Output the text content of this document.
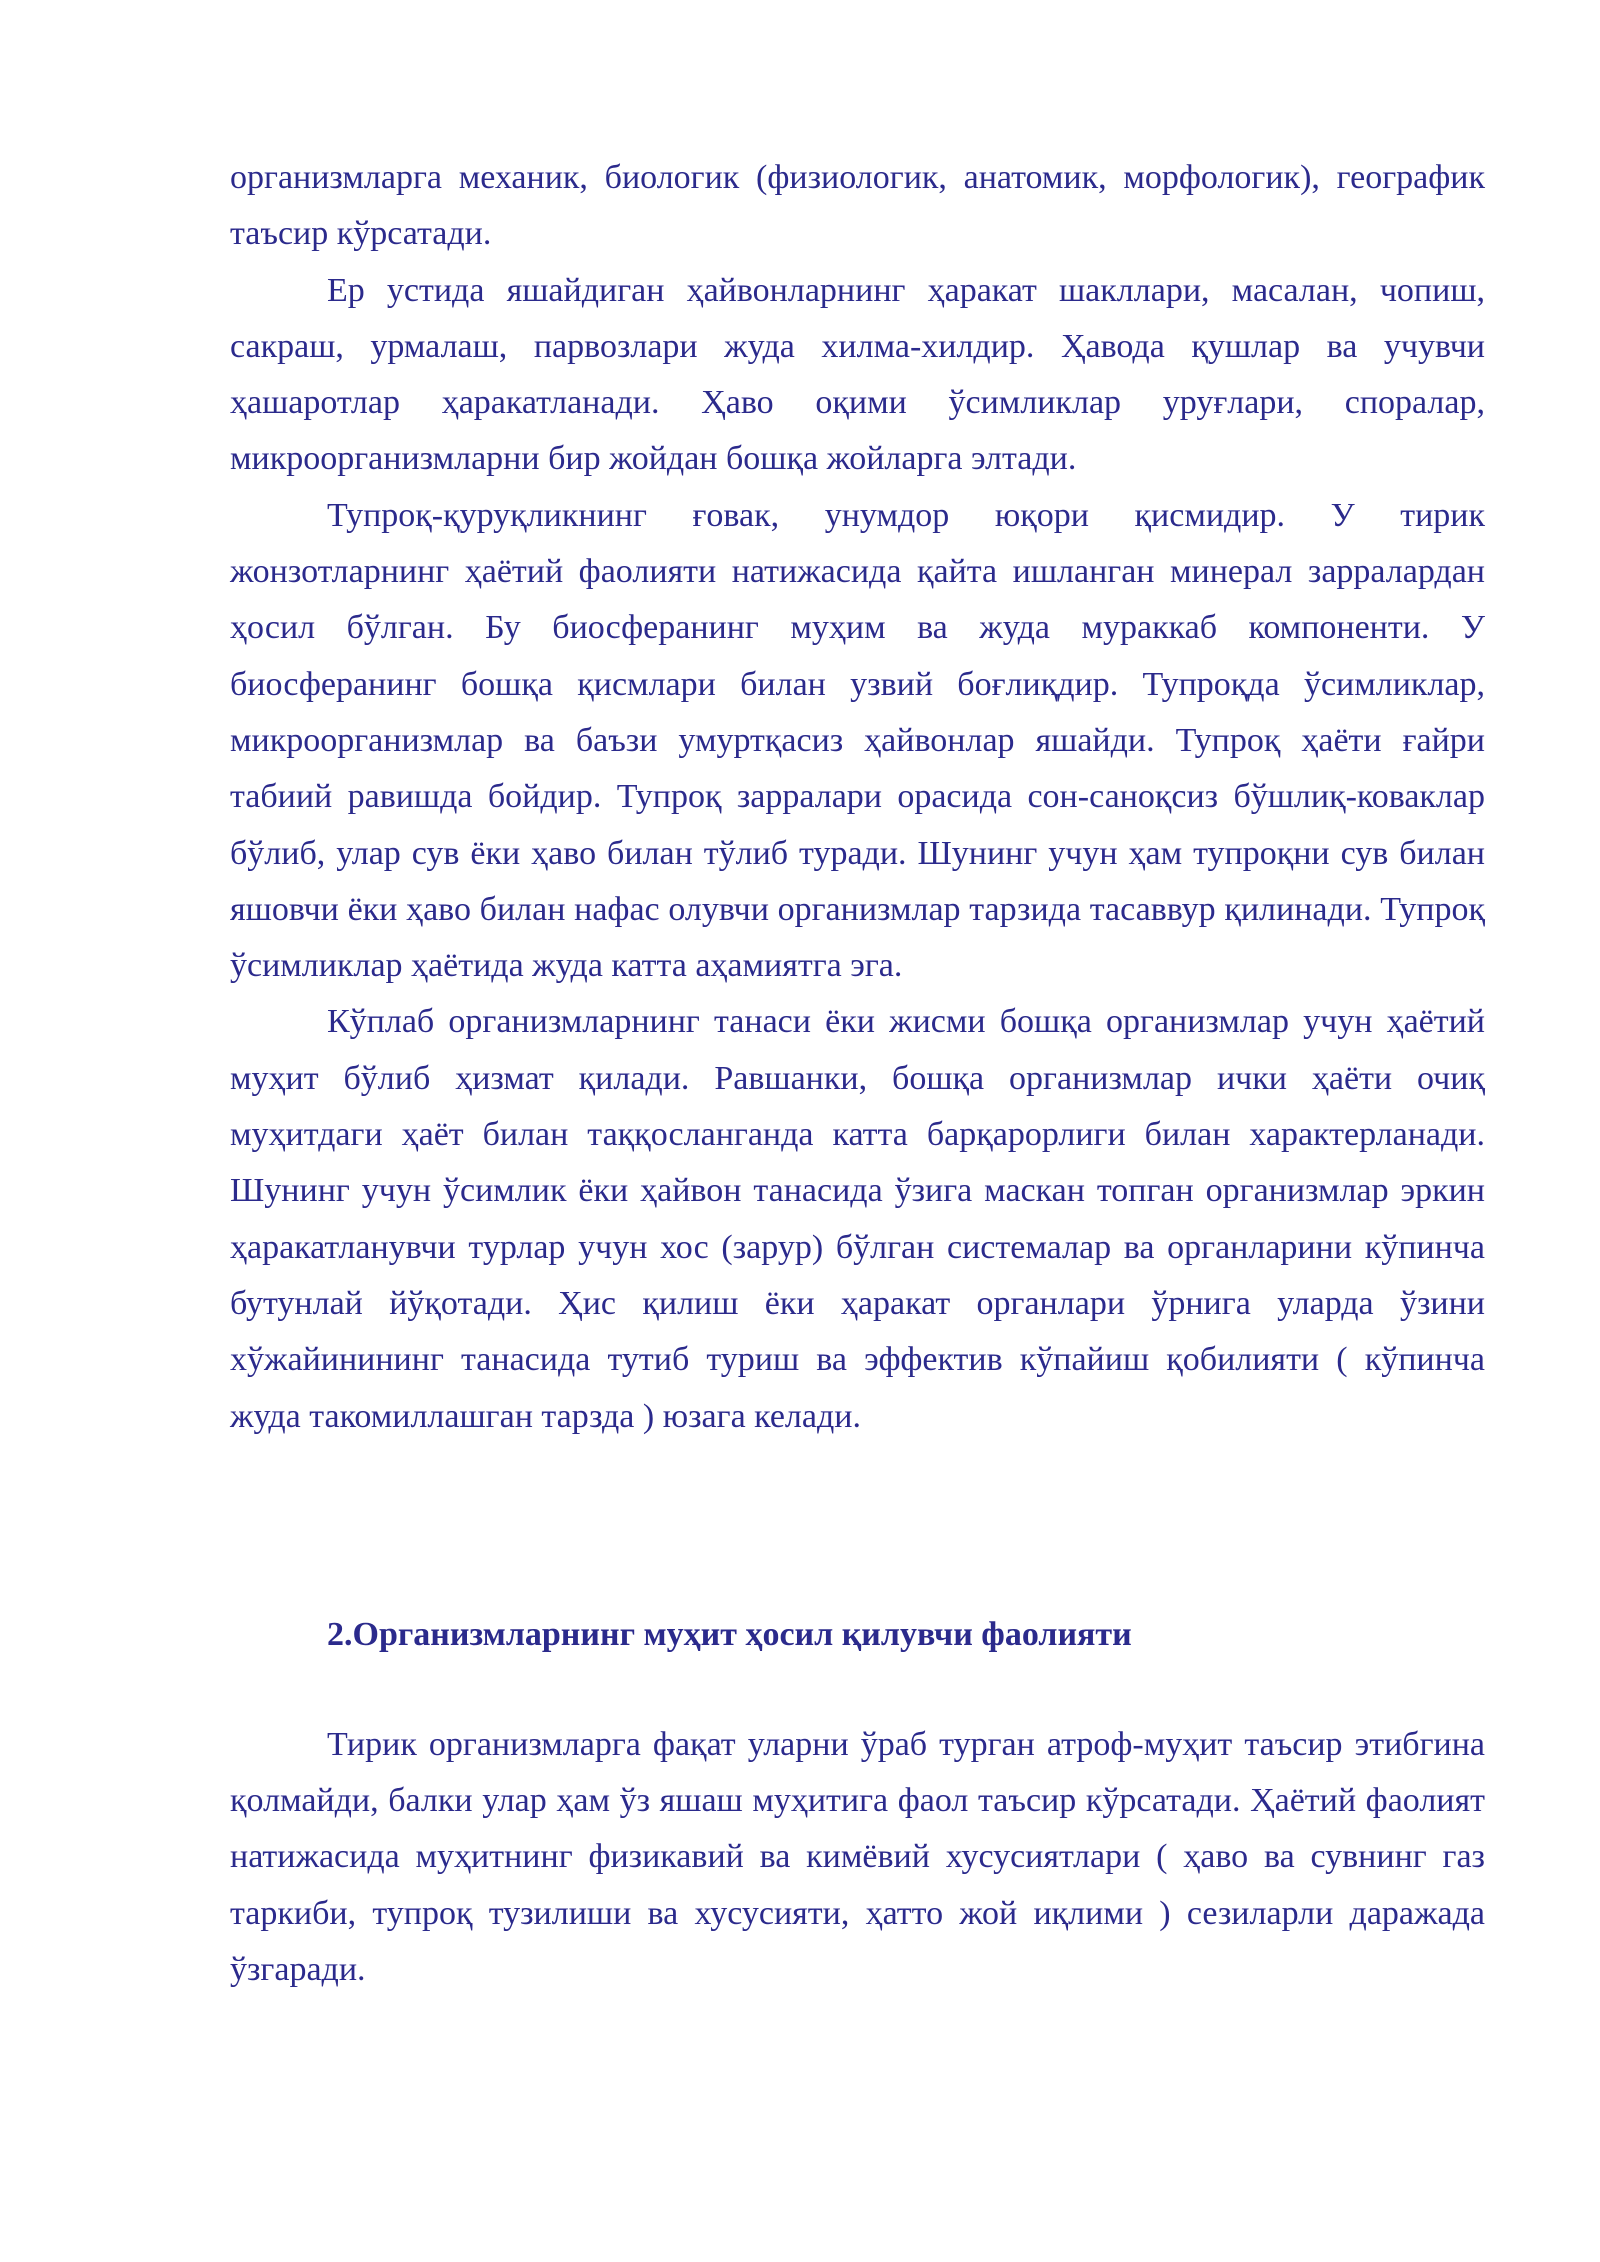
организмларга механик, биологик (физиологик, анатомик, морфологик), географик таъсир кўрсатади.

Ер устида яшайдиган ҳайвонларнинг ҳаракат шакллари, масалан, чопиш, сакраш, урмалаш, парвозлари жуда хилма-хилдир. Ҳавода қушлар ва учувчи ҳашаротлар ҳаракатланади. Ҳаво оқими ўсимликлар уруғлари, споралар, микроорганизмларни бир жойдан бошқа жойларга элтади.

Тупроқ-қуруқликнинг ғовак, унумдор юқори қисмидир. У тирик жонзотларнинг ҳаётий фаолияти натижасида қайта ишланган минерал зарралардан ҳосил бўлган. Бу биосферанинг муҳим ва жуда мураккаб компоненти. У биосферанинг бошқа қисмлари билан узвий боғлиқдир. Тупроқда ўсимликлар, микроорганизмлар ва баъзи умуртқасиз ҳайвонлар яшайди. Тупроқ ҳаёти ғайри табиий равишда бойдир. Тупроқ зарралари орасида сон-саноқсиз бўшлиқ-коваклар бўлиб, улар сув ёки ҳаво билан тўлиб туради. Шунинг учун ҳам тупроқни сув билан яшовчи ёки ҳаво билан нафас олувчи организмлар тарзида тасаввур қилинади. Тупроқ ўсимликлар ҳаётида жуда катта аҳамиятга эга.

Кўплаб организмларнинг танаси ёки жисми бошқа организмлар учун ҳаётий муҳит бўлиб ҳизмат қилади. Равшанки, бошқа организмлар ички ҳаёти очиқ муҳитдаги ҳаёт билан таққосланганда катта барқарорлиги билан характерланади. Шунинг учун ўсимлик ёки ҳайвон танасида ўзига маскан топган организмлар эркин ҳаракатланувчи турлар учун хос (зарур) бўлган системалар ва органларини кўпинча бутунлай йўқотади. Ҳис қилиш ёки ҳаракат органлари ўрнига уларда ўзини хўжайинининг танасида тутиб туриш ва эффектив кўпайиш қобилияти ( кўпинча жуда такомиллашган тарзда ) юзага келади.

2.Организмларнинг муҳит ҳосил қилувчи фаолияти

Тирик организмларга фақат уларни ўраб турган атроф-муҳит таъсир этибгина қолмайди, балки улар ҳам ўз яшаш муҳитига фаол таъсир кўрсатади. Ҳаётий фаолият натижасида муҳитнинг физикавий ва кимёвий хусусиятлари ( ҳаво ва сувнинг газ таркиби, тупроқ тузилиши ва хусусияти, ҳатто жой иқлими ) сезиларли даражада ўзгаради.
